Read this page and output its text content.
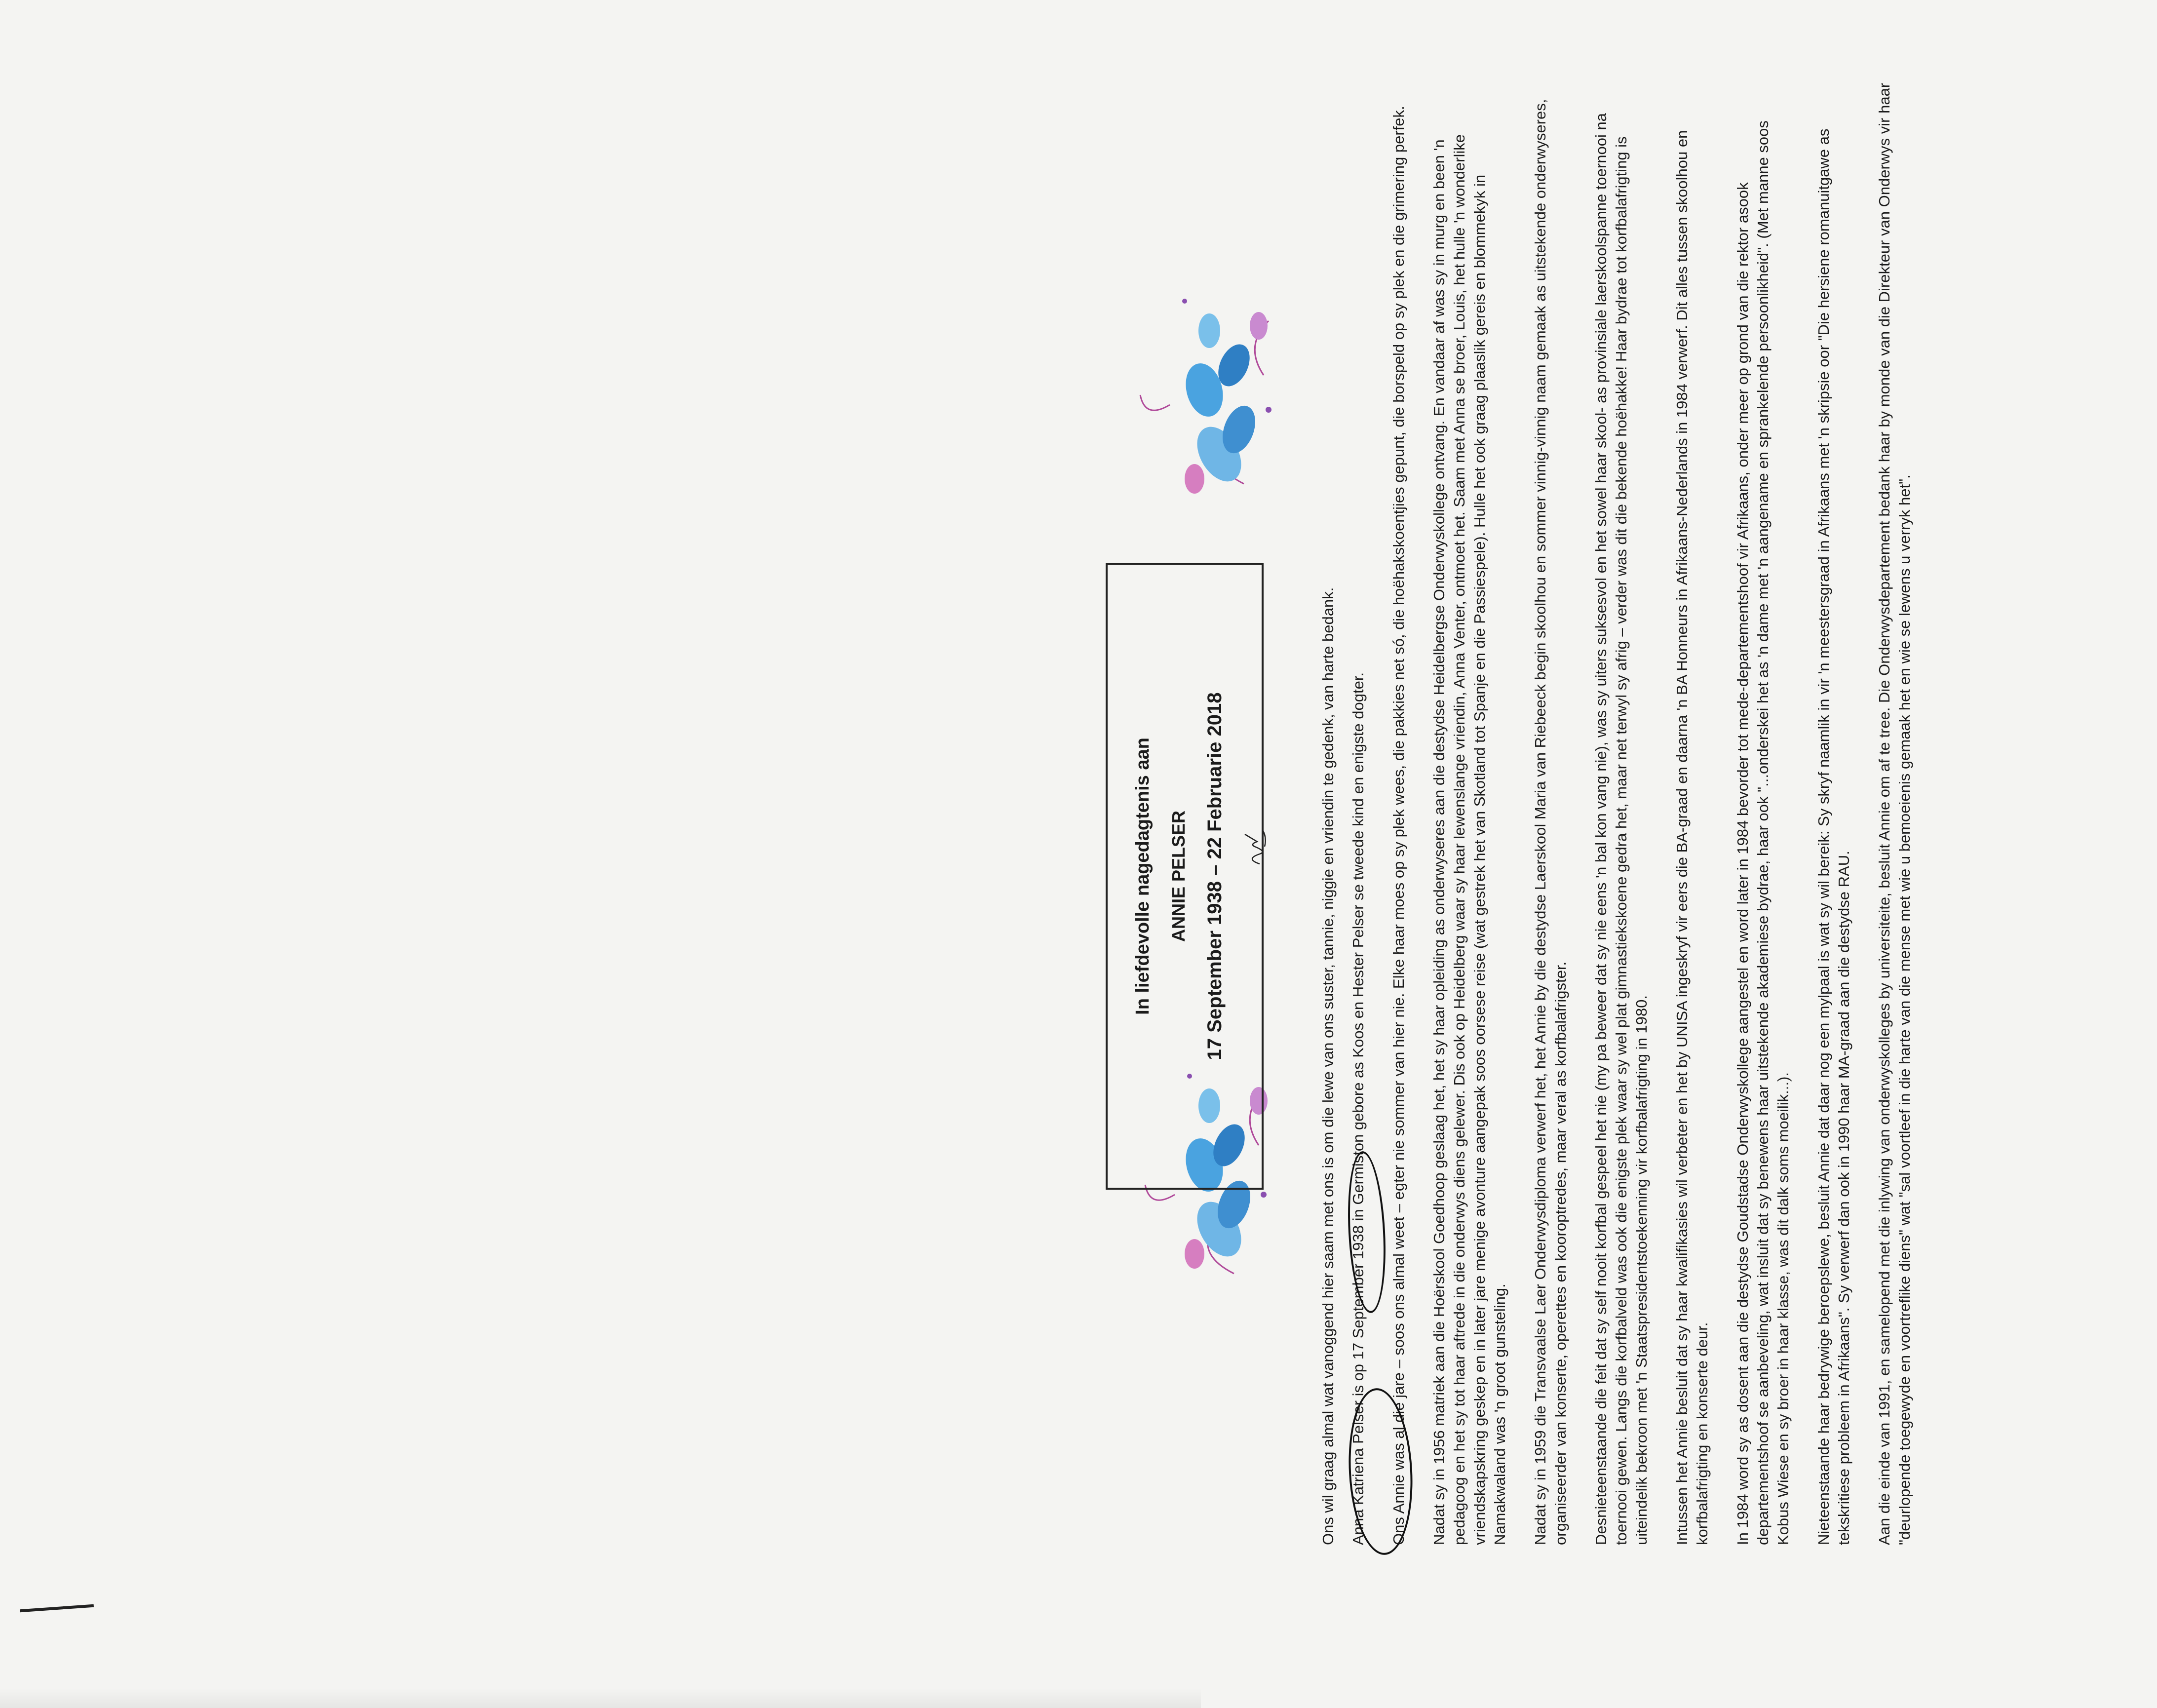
In liefdevolle nagedagtenis aan ANNIE PELSER 17 September 1938 – 22 Februarie 2018	Ons wil graag almal wat vanoggend hier saam met ons is om die lewe van ons suster, tannie, niggie en vriendin te gedenk, van harte bedank. Anna Katriena Pelser is op 17 September 1938 in Germiston gebore as Koos en Hester Pelser se tweede kind en enigste dogter. Ons Annie was al die jare – soos ons almal weet – egter nie sommer van hier nie. Elke haar moes op sy plek wees, die pakkies net só, die hoëhakskoentjies gepunt, die borspeld op sy plek en die grimering perfek. Nadat sy in 1956 matriek aan die Hoërskool Goedhoop geslaag het, het sy haar opleiding as onderwyseres aan die destydse Heidelbergse Onderwyskollege ontvang. En vandaar af was sy in murg en been 'n pedagoog en het sy tot haar aftrede in die onderwys diens gelewer. Dis ook op Heidelberg waar sy haar lewenslange vriendin, Anna Venter, ontmoet het. Saam met Anna se broer, Louis, het hulle 'n wonderlike vriendskapskring geskep en in later jare menige avonture aangepak soos oorsese reise (wat gestrek het van Skotland tot Spanje en die Passiespele). Hulle het ook graag plaaslik gereis en blommekyk in Namakwaland was 'n groot gunsteling. Nadat sy in 1959 die Transvaalse Laer Onderwysdiploma verwerf het, het Annie by die destydse Laerskool Maria van Riebeeck begin skoolhou en sommer vinnig-vinnig naam gemaak as uitstekende onderwyseres, organiseerder van konserte, operettes en kooroptredes, maar veral as korfbalafrigster. Desnieteenstaande die feit dat sy self nooit korfbal gespeel het nie (my pa beweer dat sy nie eens 'n bal kon vang nie), was sy uiters suksesvol en het sowel haar skool- as provinsiale laerskoolspanne toernooi na toernooi gewen. Langs die korfbalveld was ook die enigste plek waar sy wel plat gimnastiekskoene gedra het, maar net terwyl sy afrig – verder was dit die bekende hoëhakke! Haar bydrae tot korfbalafrigting is uiteindelik bekroon met 'n Staatspresidentstoekenning vir korfbalafrigting in 1980. Intussen het Annie besluit dat sy haar kwalifikasies wil verbeter en het by UNISA ingeskryf vir eers die BA-graad en daarna 'n BA Honneurs in Afrikaans-Nederlands in 1984 verwerf. Dit alles tussen skoolhou en korfbalafrigting en konserte deur. In 1984 word sy as dosent aan die destydse Goudstadse Onderwyskollege aangestel en word later in 1984 bevorder tot mede-departementshoof vir Afrikaans, onder meer op grond van die rektor asook departementshoof se aanbeveling, wat insluit dat sy benewens haar uitstekende akademiese bydrae, haar ook "...onderskei het as 'n dame met 'n aangename en sprankelende persoonlikheid". (Met manne soos Kobus Wiese en sy broer in haar klasse, was dit dalk soms moeilik...). Nieteenstaande haar bedrywige beroepslewe, besluit Annie dat daar nog een mylpaal is wat sy wil bereik: Sy skryf naamlik in vir 'n meestersgraad in Afrikaans met 'n skripsie oor "Die hersiene romanuitgawe as tekskritiese probleem in Afrikaans". Sy verwerf dan ook in 1990 haar MA-graad aan die destydse RAU. Aan die einde van 1991, en samelopend met die inlywing van onderwyskolleges by universiteite, besluit Annie om af te tree. Die Onderwysdepartement bedank haar by monde van die Direkteur van Onderwys vir haar "deurlopende toegewyde en voortreflike diens" wat "sal voortleef in die harte van die mense met wie u bemoeienis gemaak het en wie se lewens u verryk het".
